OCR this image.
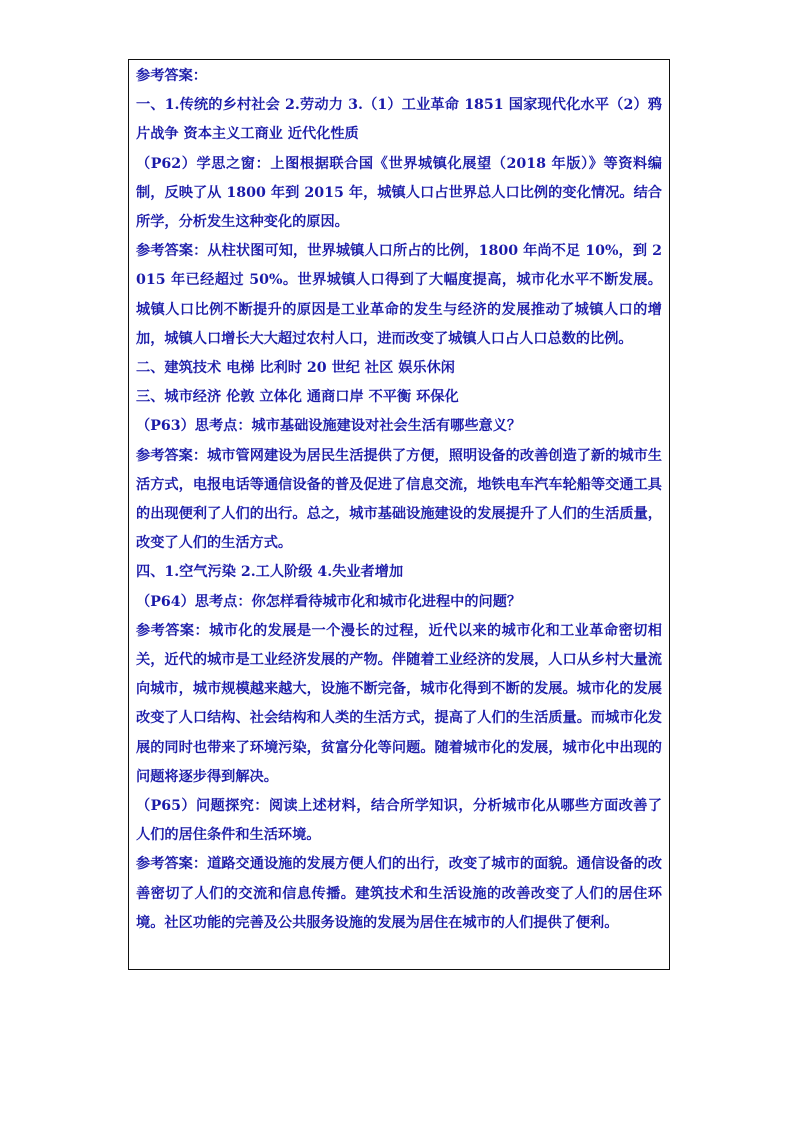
参考答案：

一、1.传统的乡村社会 2.劳动力 3.（1）工业革命 1851 国家现代化水平（2）鸦片战争 资本主义工商业 近代化性质

（P62）学思之窗：上图根据联合国《世界城镇化展望（2018 年版）》等资料编制，反映了从 1800 年到 2015 年，城镇人口占世界总人口比例的变化情况。结合所学，分析发生这种变化的原因。

参考答案：从柱状图可知，世界城镇人口所占的比例，1800 年尚不足 10%，到 2015 年已经超过 50%。世界城镇人口得到了大幅度提高，城市化水平不断发展。城镇人口比例不断提升的原因是工业革命的发生与经济的发展推动了城镇人口的增加，城镇人口增长大大超过农村人口，进而改变了城镇人口占人口总数的比例。

二、建筑技术 电梯 比利时 20 世纪 社区 娱乐休闲

三、城市经济 伦敦 立体化 通商口岸 不平衡 环保化

（P63）思考点：城市基础设施建设对社会生活有哪些意义？

参考答案：城市管网建设为居民生活提供了方便，照明设备的改善创造了新的城市生活方式，电报电话等通信设备的普及促进了信息交流，地铁电车汽车轮船等交通工具的出现便利了人们的出行。总之，城市基础设施建设的发展提升了人们的生活质量，改变了人们的生活方式。

四、1.空气污染 2.工人阶级 4.失业者增加

（P64）思考点：你怎样看待城市化和城市化进程中的问题？

参考答案：城市化的发展是一个漫长的过程，近代以来的城市化和工业革命密切相关，近代的城市是工业经济发展的产物。伴随着工业经济的发展，人口从乡村大量流向城市，城市规模越来越大，设施不断完备，城市化得到不断的发展。城市化的发展改变了人口结构、社会结构和人类的生活方式，提高了人们的生活质量。而城市化发展的同时也带来了环境污染，贫富分化等问题。随着城市化的发展，城市化中出现的问题将逐步得到解决。

（P65）问题探究：阅读上述材料，结合所学知识，分析城市化从哪些方面改善了人们的居住条件和生活环境。

参考答案：道路交通设施的发展方便人们的出行，改变了城市的面貌。通信设备的改善密切了人们的交流和信息传播。建筑技术和生活设施的改善改变了人们的居住环境。社区功能的完善及公共服务设施的发展为居住在城市的人们提供了便利。
